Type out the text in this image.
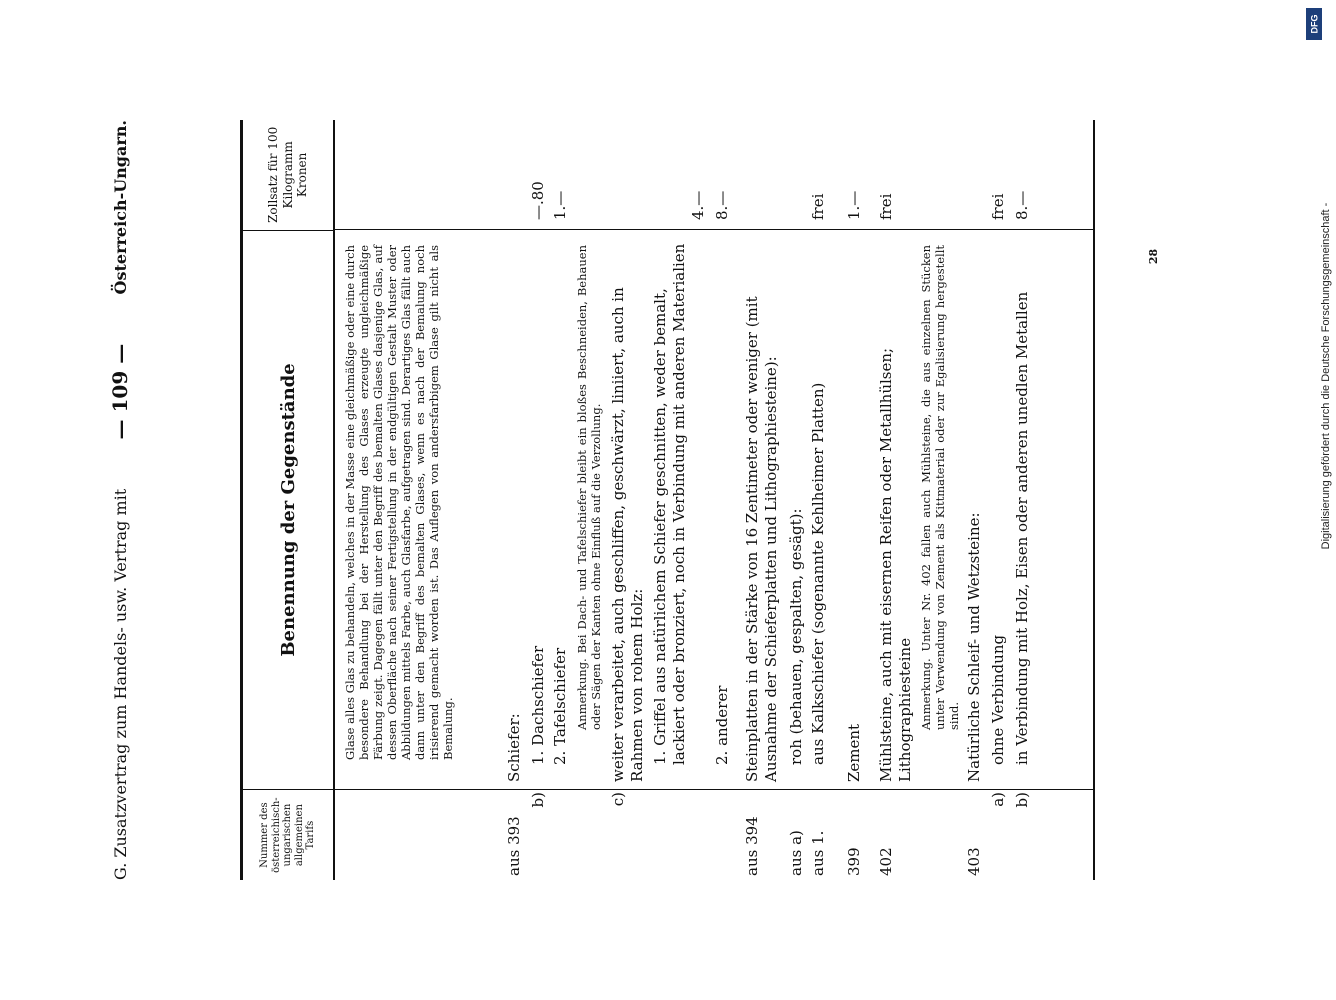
G. Zusatzvertrag zum Handels- usw. Vertrag mit
— 109 —
Österreich-Ungarn.
Nummer des österreichisch-ungarischen allgemeinen Tarifs
Benennung der Gegenstände
Zollsatz für 100 Kilogramm Kronen
Glase alles Glas zu behandeln, welches in der Masse eine gleichmäßige oder eine durch besondere Behandlung bei der Herstellung des Glases erzeugte ungleichmäßige Färbung zeigt. Dagegen fällt unter den Begriff des bemalten Glases dasjenige Glas, auf dessen Oberfläche nach seiner Fertigstellung in der endgültigen Gestalt Muster oder Abbildungen mittels Farbe, auch Glasfarbe, aufgetragen sind. Derartiges Glas fällt auch dann unter den Begriff des bemalten Glases, wenn es nach der Bemalung noch irisierend gemacht worden ist. Das Auflegen von andersfarbigem Glase gilt nicht als Bemalung.
aus 393
Schiefer:
b)
1. Dachschiefer
—.80
2. Tafelschiefer
1.—
Anmerkung. Bei Dach- und Tafelschiefer bleibt ein bloßes Beschneiden, Behauen oder Sägen der Kanten ohne Einfluß auf die Verzollung.
c)
weiter verarbeitet, auch geschliffen, geschwärzt, liniiert, auch in Rahmen von rohem Holz: 1. Griffel aus natürlichem Schiefer geschnitten, weder bemalt, lackiert oder bronziert, noch in Verbindung mit anderen Materialien
4.—
2. anderer
8.—
aus 394
Steinplatten in der Stärke von 16 Zentimeter oder weniger (mit Ausnahme der Schieferplatten und Lithographiesteine):
aus a)
roh (behauen, gespalten, gesägt):
aus 1.
aus Kalkschiefer (sogenannte Kehlheimer Platten)
frei
399
Zement
1.—
402
Mühlsteine, auch mit eisernen Reifen oder Metallhülsen; Lithographiesteine
frei
Anmerkung. Unter Nr. 402 fallen auch Mühlsteine, die aus einzelnen Stücken unter Verwendung von Zement als Kittmaterial oder zur Egalisierung hergestellt sind.
403
Natürliche Schleif- und Wetzsteine:
a)
ohne Verbindung
frei
b)
in Verbindung mit Holz, Eisen oder anderen unedlen Metallen
8.—
28	Digitalisierung gefördert durch die Deutsche Forschungsgemeinschaft -
DFG
